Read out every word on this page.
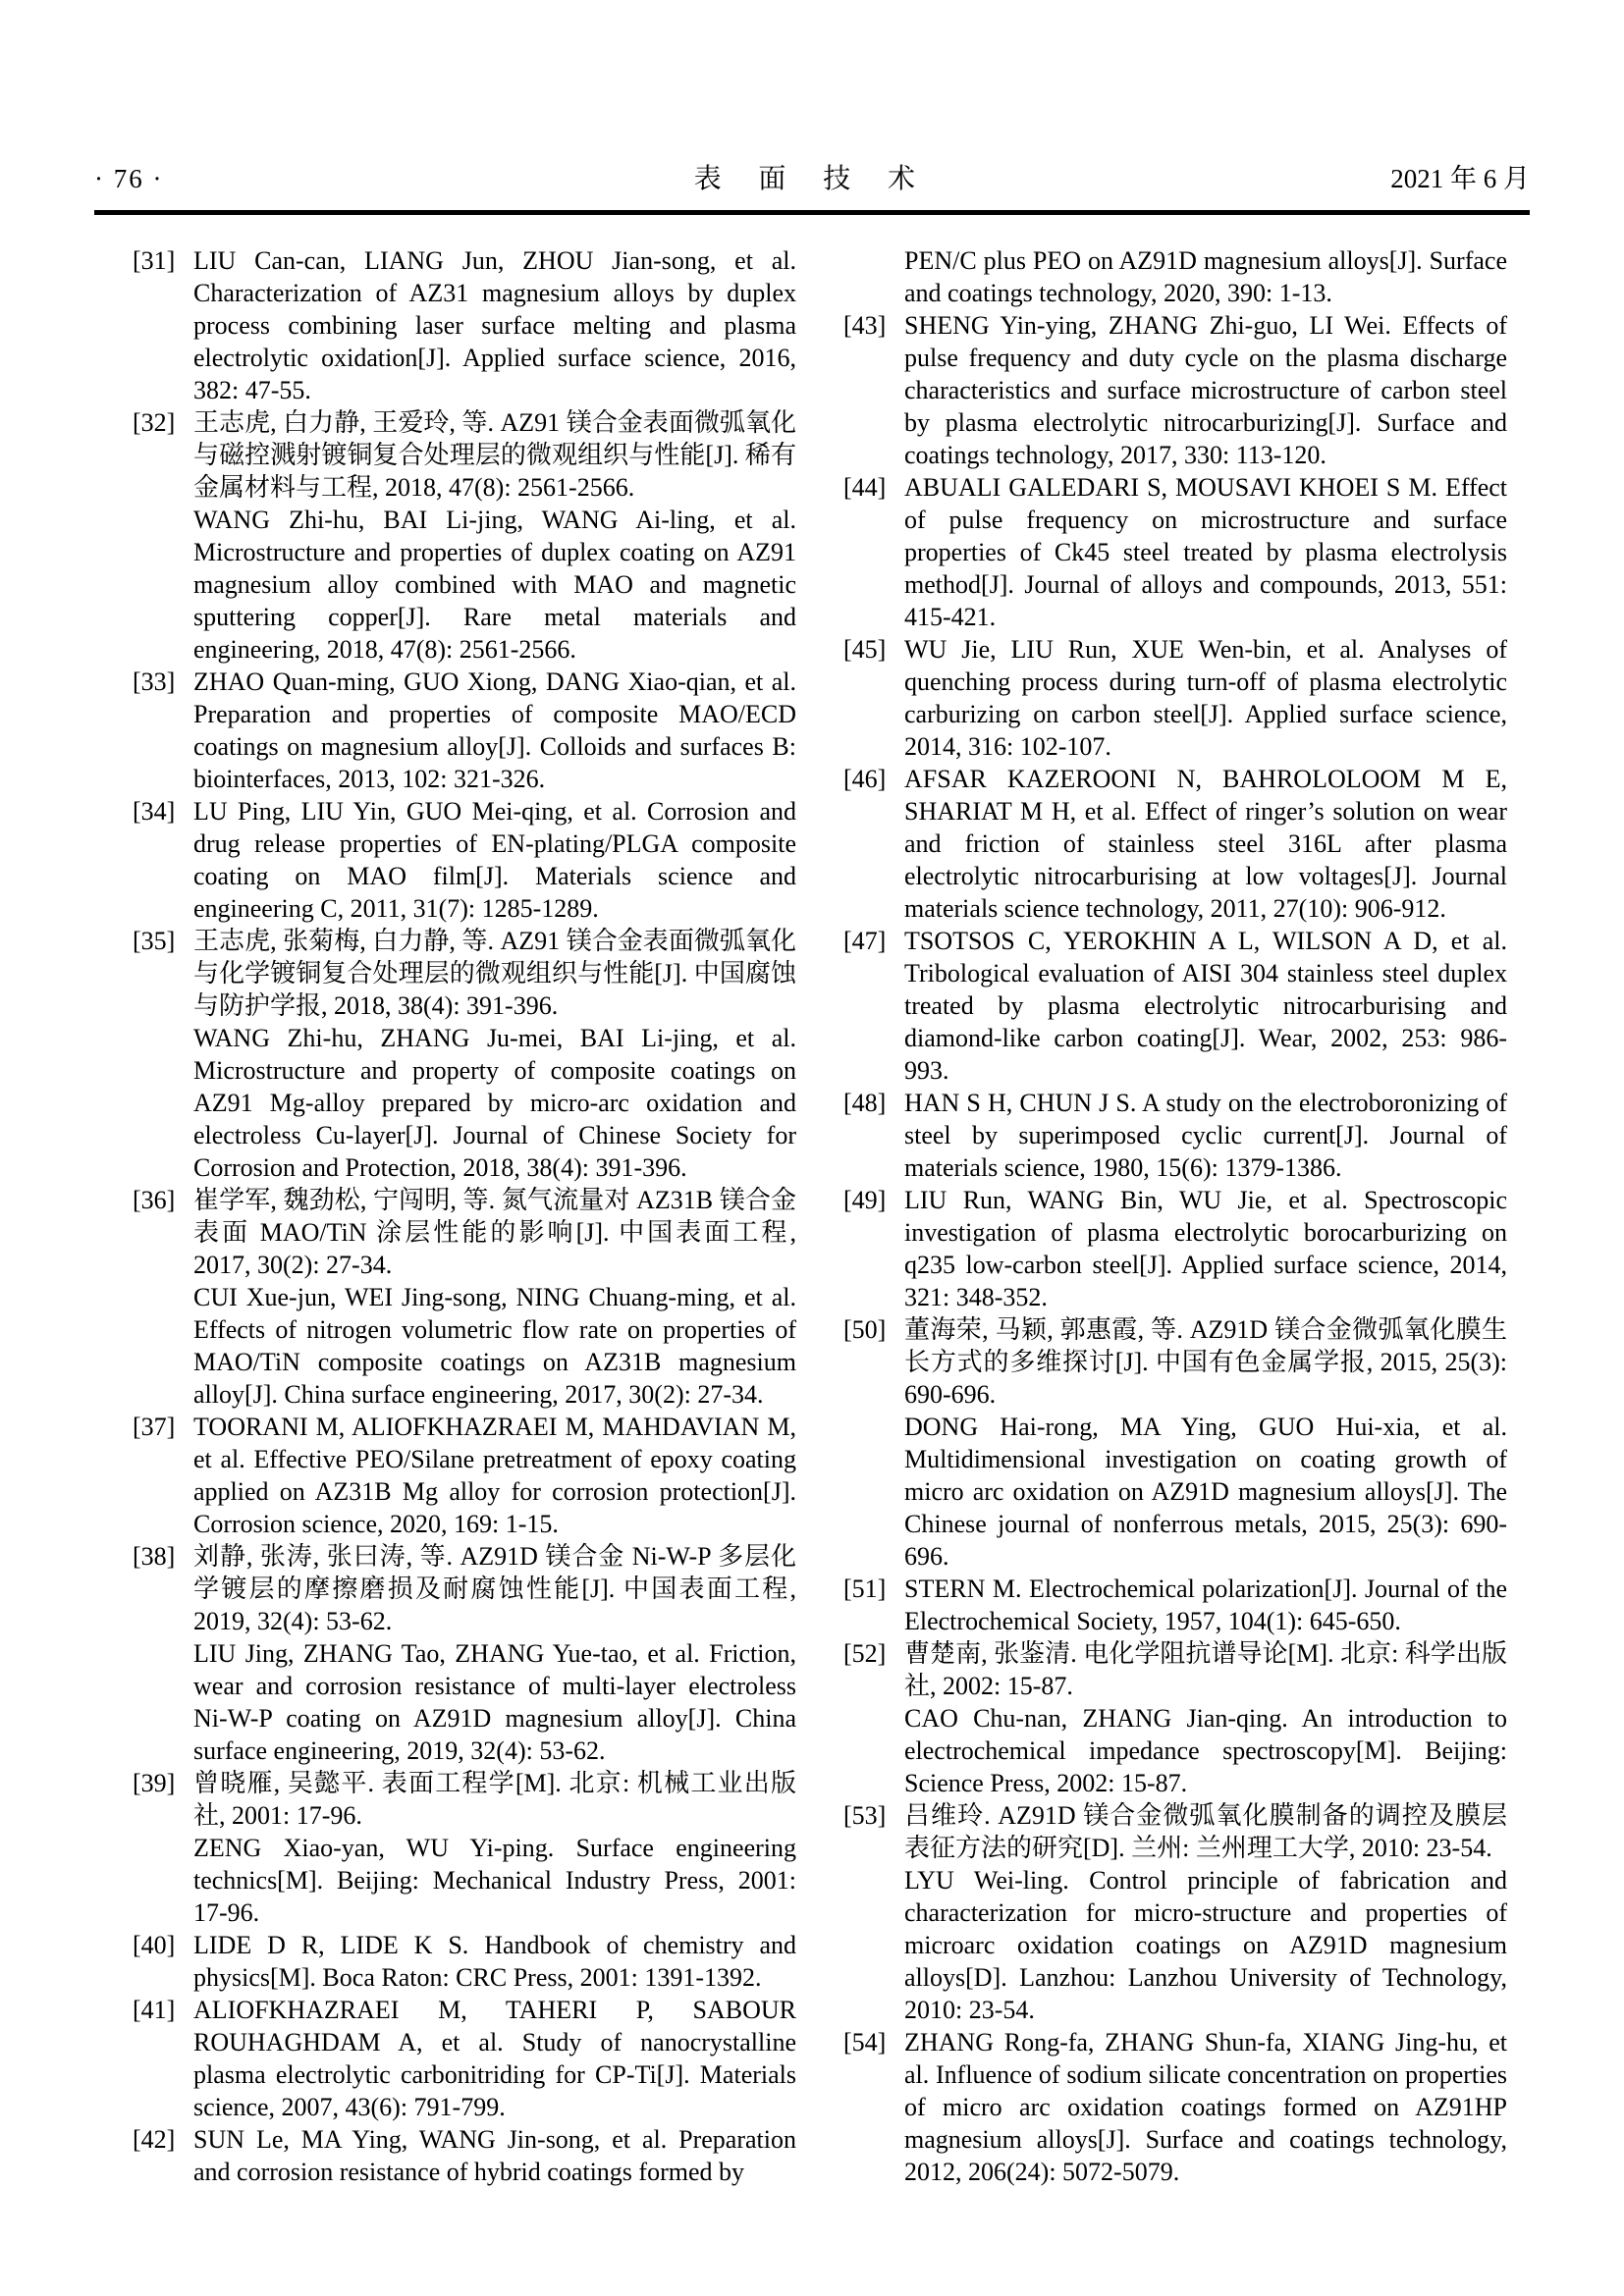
· 76 ·	表 面 技 术	2021 年 6 月
[31] LIU Can-can, LIANG Jun, ZHOU Jian-song, et al. Characterization of AZ31 magnesium alloys by duplex process combining laser surface melting and plasma electrolytic oxidation[J]. Applied surface science, 2016, 382: 47-55.

[32] 王志虎, 白力静, 王爱玲, 等. AZ91 镁合金表面微弧氧化与磁控溅射镀铜复合处理层的微观组织与性能[J]. 稀有金属材料与工程, 2018, 47(8): 2561-2566.

WANG Zhi-hu, BAI Li-jing, WANG Ai-ling, et al. Microstructure and properties of duplex coating on AZ91 magnesium alloy combined with MAO and magnetic sputtering copper[J]. Rare metal materials and engineering, 2018, 47(8): 2561-2566.

[33] ZHAO Quan-ming, GUO Xiong, DANG Xiao-qian, et al. Preparation and properties of composite MAO/ECD coatings on magnesium alloy[J]. Colloids and surfaces B: biointerfaces, 2013, 102: 321-326.

[34] LU Ping, LIU Yin, GUO Mei-qing, et al. Corrosion and drug release properties of EN-plating/PLGA composite coating on MAO film[J]. Materials science and engineering C, 2011, 31(7): 1285-1289.

[35] 王志虎, 张菊梅, 白力静, 等. AZ91 镁合金表面微弧氧化与化学镀铜复合处理层的微观组织与性能[J]. 中国腐蚀与防护学报, 2018, 38(4): 391-396.

WANG Zhi-hu, ZHANG Ju-mei, BAI Li-jing, et al. Microstructure and property of composite coatings on AZ91 Mg-alloy prepared by micro-arc oxidation and electroless Cu-layer[J]. Journal of Chinese Society for Corrosion and Protection, 2018, 38(4): 391-396.

[36] 崔学军, 魏劲松, 宁闯明, 等. 氮气流量对 AZ31B 镁合金表面 MAO/TiN 涂层性能的影响[J]. 中国表面工程, 2017, 30(2): 27-34.

CUI Xue-jun, WEI Jing-song, NING Chuang-ming, et al. Effects of nitrogen volumetric flow rate on properties of MAO/TiN composite coatings on AZ31B magnesium alloy[J]. China surface engineering, 2017, 30(2): 27-34.

[37] TOORANI M, ALIOFKHAZRAEI M, MAHDAVIAN M, et al. Effective PEO/Silane pretreatment of epoxy coating applied on AZ31B Mg alloy for corrosion protection[J]. Corrosion science, 2020, 169: 1-15.

[38] 刘静, 张涛, 张曰涛, 等. AZ91D 镁合金 Ni-W-P 多层化学镀层的摩擦磨损及耐腐蚀性能[J]. 中国表面工程, 2019, 32(4): 53-62.

LIU Jing, ZHANG Tao, ZHANG Yue-tao, et al. Friction, wear and corrosion resistance of multi-layer electroless Ni-W-P coating on AZ91D magnesium alloy[J]. China surface engineering, 2019, 32(4): 53-62.

[39] 曾晓雁, 吴懿平. 表面工程学[M]. 北京: 机械工业出版社, 2001: 17-96.

ZENG Xiao-yan, WU Yi-ping. Surface engineering technics[M]. Beijing: Mechanical Industry Press, 2001: 17-96.

[40] LIDE D R, LIDE K S. Handbook of chemistry and physics[M]. Boca Raton: CRC Press, 2001: 1391-1392.

[41] ALIOFKHAZRAEI M, TAHERI P, SABOUR ROUHAGHDAM A, et al. Study of nanocrystalline plasma electrolytic carbonitriding for CP-Ti[J]. Materials science, 2007, 43(6): 791-799.

[42] SUN Le, MA Ying, WANG Jin-song, et al. Preparation and corrosion resistance of hybrid coatings formed by

PEN/C plus PEO on AZ91D magnesium alloys[J]. Surface and coatings technology, 2020, 390: 1-13.

[43] SHENG Yin-ying, ZHANG Zhi-guo, LI Wei. Effects of pulse frequency and duty cycle on the plasma discharge characteristics and surface microstructure of carbon steel by plasma electrolytic nitrocarburizing[J]. Surface and coatings technology, 2017, 330: 113-120.

[44] ABUALI GALEDARI S, MOUSAVI KHOEI S M. Effect of pulse frequency on microstructure and surface properties of Ck45 steel treated by plasma electrolysis method[J]. Journal of alloys and compounds, 2013, 551: 415-421.

[45] WU Jie, LIU Run, XUE Wen-bin, et al. Analyses of quenching process during turn-off of plasma electrolytic carburizing on carbon steel[J]. Applied surface science, 2014, 316: 102-107.

[46] AFSAR KAZEROONI N, BAHROLOLOOM M E, SHARIAT M H, et al. Effect of ringer’s solution on wear and friction of stainless steel 316L after plasma electrolytic nitrocarburising at low voltages[J]. Journal materials science technology, 2011, 27(10): 906-912.

[47] TSOTSOS C, YEROKHIN A L, WILSON A D, et al. Tribological evaluation of AISI 304 stainless steel duplex treated by plasma electrolytic nitrocarburising and diamond-like carbon coating[J]. Wear, 2002, 253: 986-993.

[48] HAN S H, CHUN J S. A study on the electroboronizing of steel by superimposed cyclic current[J]. Journal of materials science, 1980, 15(6): 1379-1386.

[49] LIU Run, WANG Bin, WU Jie, et al. Spectroscopic investigation of plasma electrolytic borocarburizing on q235 low-carbon steel[J]. Applied surface science, 2014, 321: 348-352.

[50] 董海荣, 马颖, 郭惠霞, 等. AZ91D 镁合金微弧氧化膜生长方式的多维探讨[J]. 中国有色金属学报, 2015, 25(3): 690-696.

DONG Hai-rong, MA Ying, GUO Hui-xia, et al. Multidimensional investigation on coating growth of micro arc oxidation on AZ91D magnesium alloys[J]. The Chinese journal of nonferrous metals, 2015, 25(3): 690-696.

[51] STERN M. Electrochemical polarization[J]. Journal of the Electrochemical Society, 1957, 104(1): 645-650.

[52] 曹楚南, 张鉴清. 电化学阻抗谱导论[M]. 北京: 科学出版社, 2002: 15-87.

CAO Chu-nan, ZHANG Jian-qing. An introduction to electrochemical impedance spectroscopy[M]. Beijing: Science Press, 2002: 15-87.

[53] 吕维玲. AZ91D 镁合金微弧氧化膜制备的调控及膜层表征方法的研究[D]. 兰州: 兰州理工大学, 2010: 23-54.

LYU Wei-ling. Control principle of fabrication and characterization for micro-structure and properties of microarc oxidation coatings on AZ91D magnesium alloys[D]. Lanzhou: Lanzhou University of Technology, 2010: 23-54.

[54] ZHANG Rong-fa, ZHANG Shun-fa, XIANG Jing-hu, et al. Influence of sodium silicate concentration on properties of micro arc oxidation coatings formed on AZ91HP magnesium alloys[J]. Surface and coatings technology, 2012, 206(24): 5072-5079.
